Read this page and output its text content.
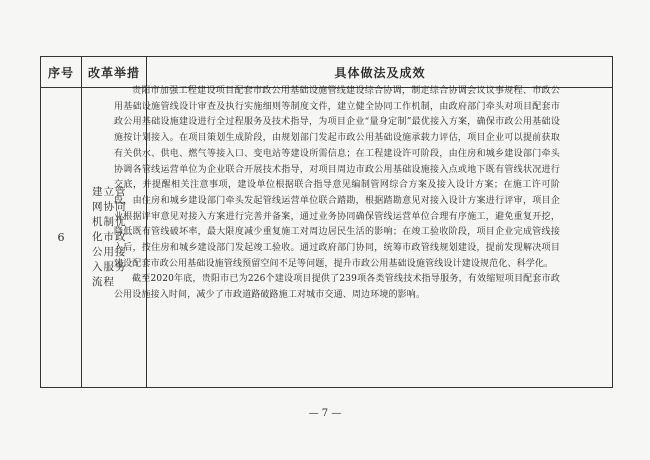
序号	改革举措	具体做法及成效
6
建立管网协同机制优化市政公用接入服务流程

贵阳市加强工程建设项目配套市政公用基础设施管线建设综合协调，制定综合协调会议议事规程、市政公用基础设施管线设计审查及执行实施细则等制度文件，建立健全协同工作机制，由政府部门牵头对项目配套市政公用基础设施建设进行全过程服务及技术指导，为项目企业“量身定制”最优接入方案，确保市政公用基础设施按计划接入。在项目策划生成阶段，由规划部门发起市政公用基础设施承载力评估，项目企业可以提前获取有关供水、供电、燃气等接入口、变电站等建设所需信息；在工程建设许可阶段，由住房和城乡建设部门牵头协调各管线运营单位为企业联合开展技术指导，对项目周边市政公用基础设施接入点或地下既有管线状况进行交底，并提醒相关注意事项，建设单位根据联合指导意见编制管网综合方案及接入设计方案；在施工许可阶段，由住房和城乡建设部门牵头发起管线运营单位联合踏勘，根据踏勘意见对接入设计方案进行评审，项目企业根据评审意见对接入方案进行完善并备案，通过业务协同确保管线运营单位合理有序施工，避免重复开挖，降低既有管线破坏率，最大限度减少重复施工对周边居民生活的影响；在竣工验收阶段，项目企业完成管线接入后，按住房和城乡建设部门发起竣工验收。通过政府部门协同，统筹市政管线规划建设，提前发现解决项目建设配套市政公用基础设施管线预留空间不足等问题，提升市政公用基础设施管线设计建设规范化、科学化。

截至2020年底，贵阳市已为226个建设项目提供了239项各类管线技术指导服务，有效缩短项目配套市政公用设施接入时间，减少了市政道路破路施工对城市交通、周边环境的影响。

— 7 —
